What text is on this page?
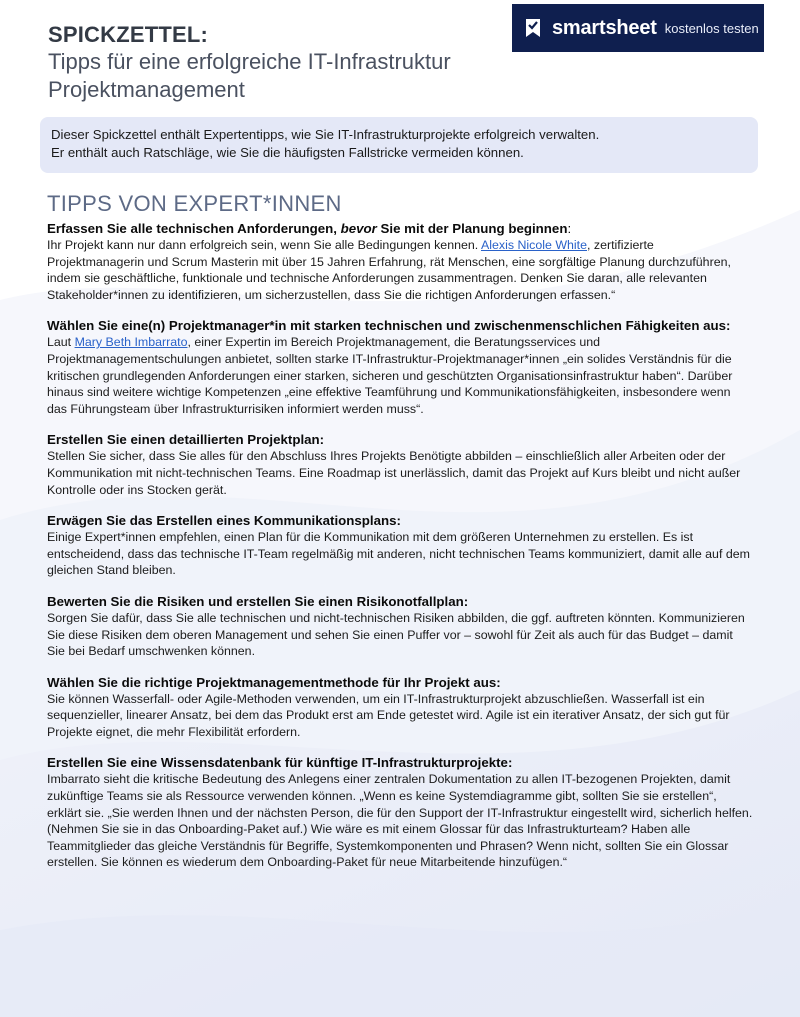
SPICKZETTEL:
Tipps für eine erfolgreiche IT-Infrastruktur
Projektmanagement
smartsheet kostenlos testen
Dieser Spickzettel enthält Expertentipps, wie Sie IT-Infrastrukturprojekte erfolgreich verwalten.
Er enthält auch Ratschläge, wie Sie die häufigsten Fallstricke vermeiden können.
TIPPS VON EXPERT*INNEN
Erfassen Sie alle technischen Anforderungen, bevor Sie mit der Planung beginnen:

Ihr Projekt kann nur dann erfolgreich sein, wenn Sie alle Bedingungen kennen. Alexis Nicole White, zertifizierte Projektmanagerin und Scrum Masterin mit über 15 Jahren Erfahrung, rät Menschen, eine sorgfältige Planung durchzuführen, indem sie geschäftliche, funktionale und technische Anforderungen zusammentragen. Denken Sie daran, alle relevanten Stakeholder*innen zu identifizieren, um sicherzustellen, dass Sie die richtigen Anforderungen erfassen.“

Wählen Sie eine(n) Projektmanager*in mit starken technischen und zwischenmenschlichen Fähigkeiten aus:

Laut Mary Beth Imbarrato, einer Expertin im Bereich Projektmanagement, die Beratungsservices und Projektmanagementschulungen anbietet, sollten starke IT-Infrastruktur-Projektmanager*innen „ein solides Verständnis für die kritischen grundlegenden Anforderungen einer starken, sicheren und geschützten Organisationsinfrastruktur haben“. Darüber hinaus sind weitere wichtige Kompetenzen „eine effektive Teamführung und Kommunikationsfähigkeiten, insbesondere wenn das Führungsteam über Infrastrukturrisiken informiert werden muss“.

Erstellen Sie einen detaillierten Projektplan:

Stellen Sie sicher, dass Sie alles für den Abschluss Ihres Projekts Benötigte abbilden – einschließlich aller Arbeiten oder der Kommunikation mit nicht-technischen Teams. Eine Roadmap ist unerlässlich, damit das Projekt auf Kurs bleibt und nicht außer Kontrolle oder ins Stocken gerät.

Erwägen Sie das Erstellen eines Kommunikationsplans:

Einige Expert*innen empfehlen, einen Plan für die Kommunikation mit dem größeren Unternehmen zu erstellen. Es ist entscheidend, dass das technische IT-Team regelmäßig mit anderen, nicht technischen Teams kommuniziert, damit alle auf dem gleichen Stand bleiben.

Bewerten Sie die Risiken und erstellen Sie einen Risikonotfallplan:

Sorgen Sie dafür, dass Sie alle technischen und nicht-technischen Risiken abbilden, die ggf. auftreten könnten. Kommunizieren Sie diese Risiken dem oberen Management und sehen Sie einen Puffer vor – sowohl für Zeit als auch für das Budget – damit Sie bei Bedarf umschwenken können.

Wählen Sie die richtige Projektmanagementmethode für Ihr Projekt aus:

Sie können Wasserfall- oder Agile-Methoden verwenden, um ein IT-Infrastrukturprojekt abzuschließen. Wasserfall ist ein sequenzieller, linearer Ansatz, bei dem das Produkt erst am Ende getestet wird. Agile ist ein iterativer Ansatz, der sich gut für Projekte eignet, die mehr Flexibilität erfordern.

Erstellen Sie eine Wissensdatenbank für künftige IT-Infrastrukturprojekte:

Imbarrato sieht die kritische Bedeutung des Anlegens einer zentralen Dokumentation zu allen IT-bezogenen Projekten, damit zukünftige Teams sie als Ressource verwenden können. „Wenn es keine Systemdiagramme gibt, sollten Sie sie erstellen“, erklärt sie. „Sie werden Ihnen und der nächsten Person, die für den Support der IT-Infrastruktur eingestellt wird, sicherlich helfen. (Nehmen Sie sie in das Onboarding-Paket auf.) Wie wäre es mit einem Glossar für das Infrastrukturteam? Haben alle Teammitglieder das gleiche Verständnis für Begriffe, Systemkomponenten und Phrasen? Wenn nicht, sollten Sie ein Glossar erstellen. Sie können es wiederum dem Onboarding-Paket für neue Mitarbeitende hinzufügen.“
